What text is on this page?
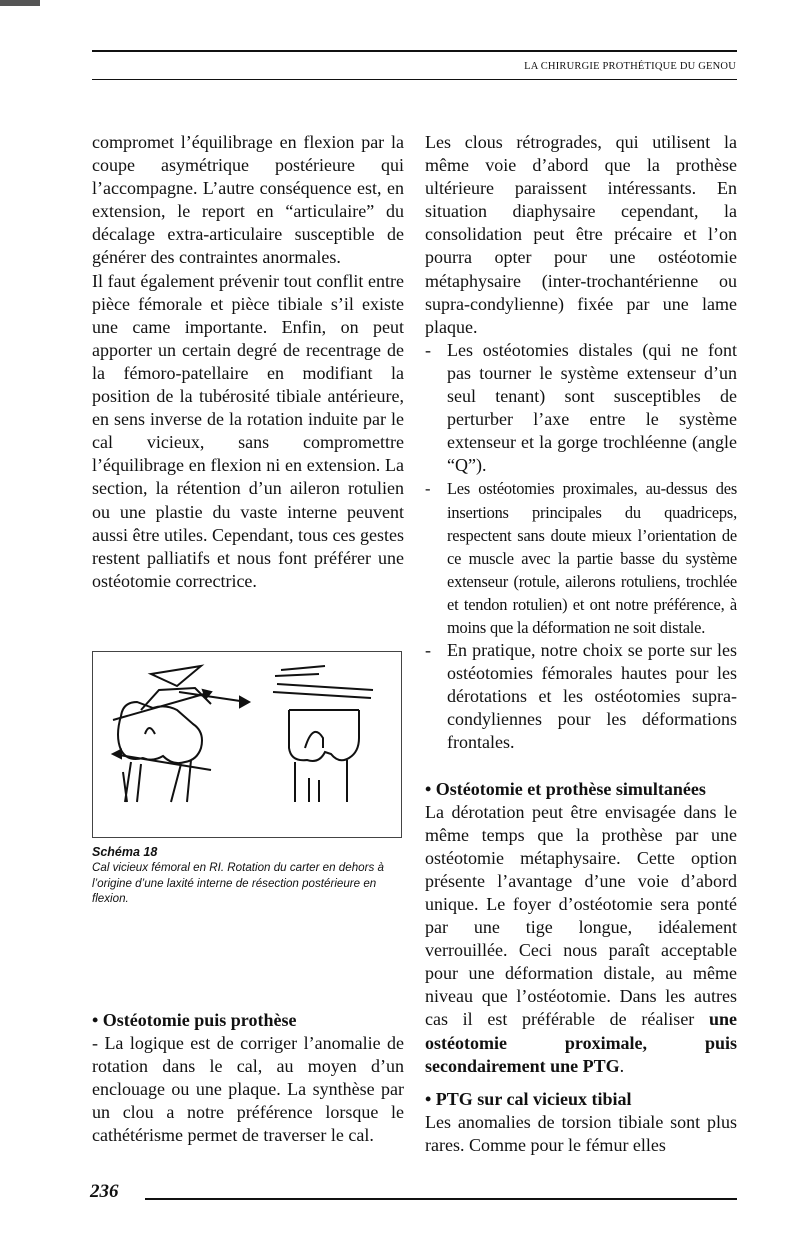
LA CHIRURGIE PROTHÉTIQUE DU GENOU

compromet l’équilibrage en flexion par la coupe asymétrique postérieure qui l’accompagne. L’autre conséquence est, en extension, le report en “articulaire” du décalage extra-articulaire susceptible de générer des contraintes anormales.

Il faut également prévenir tout conflit entre pièce fémorale et pièce tibiale s’il existe une came importante. Enfin, on peut apporter un certain degré de recentrage de la fémoro-patellaire en modifiant la position de la tubérosité tibiale antérieure, en sens inverse de la rotation induite par le cal vicieux, sans compromettre l’équilibrage en flexion ni en extension. La section, la rétention d’un aileron rotulien ou une plastie du vaste interne peuvent aussi être utiles. Cependant, tous ces gestes restent palliatifs et nous font préférer une ostéotomie correctrice.

Schéma 18
Cal vicieux fémoral en RI. Rotation du carter en dehors à l’origine d’une laxité interne de résection postérieure en flexion.

• Ostéotomie puis prothèse

- La logique est de corriger l’anomalie de rotation dans le cal, au moyen d’un enclouage ou une plaque. La synthèse par un clou a notre préférence lorsque le cathétérisme permet de traverser le cal.

Les clous rétrogrades, qui utilisent la même voie d’abord que la prothèse ultérieure paraissent intéressants. En situation diaphysaire cependant, la consolidation peut être précaire et l’on pourra opter pour une ostéotomie métaphysaire (inter-trochantérienne ou supra-condylienne) fixée par une lame plaque.

- Les ostéotomies distales (qui ne font pas tourner le système extenseur d’un seul tenant) sont susceptibles de perturber l’axe entre le système extenseur et la gorge trochléenne (angle “Q”).
- Les ostéotomies proximales, au-dessus des insertions principales du quadriceps, respectent sans doute mieux l’orientation de ce muscle avec la partie basse du système extenseur (rotule, ailerons rotuliens, trochlée et tendon rotulien) et ont notre préférence, à moins que la déformation ne soit distale.
- En pratique, notre choix se porte sur les ostéotomies fémorales hautes pour les dérotations et les ostéotomies supra-condyliennes pour les déformations frontales.

• Ostéotomie et prothèse simultanées

La dérotation peut être envisagée dans le même temps que la prothèse par une ostéotomie métaphysaire. Cette option présente l’avantage d’une voie d’abord unique. Le foyer d’ostéotomie sera ponté par une tige longue, idéalement verrouillée. Ceci nous paraît acceptable pour une déformation distale, au même niveau que l’ostéotomie. Dans les autres cas il est préférable de réaliser une ostéotomie proximale, puis secondairement une PTG.

• PTG sur cal vicieux tibial

Les anomalies de torsion tibiale sont plus rares. Comme pour le fémur elles

236
